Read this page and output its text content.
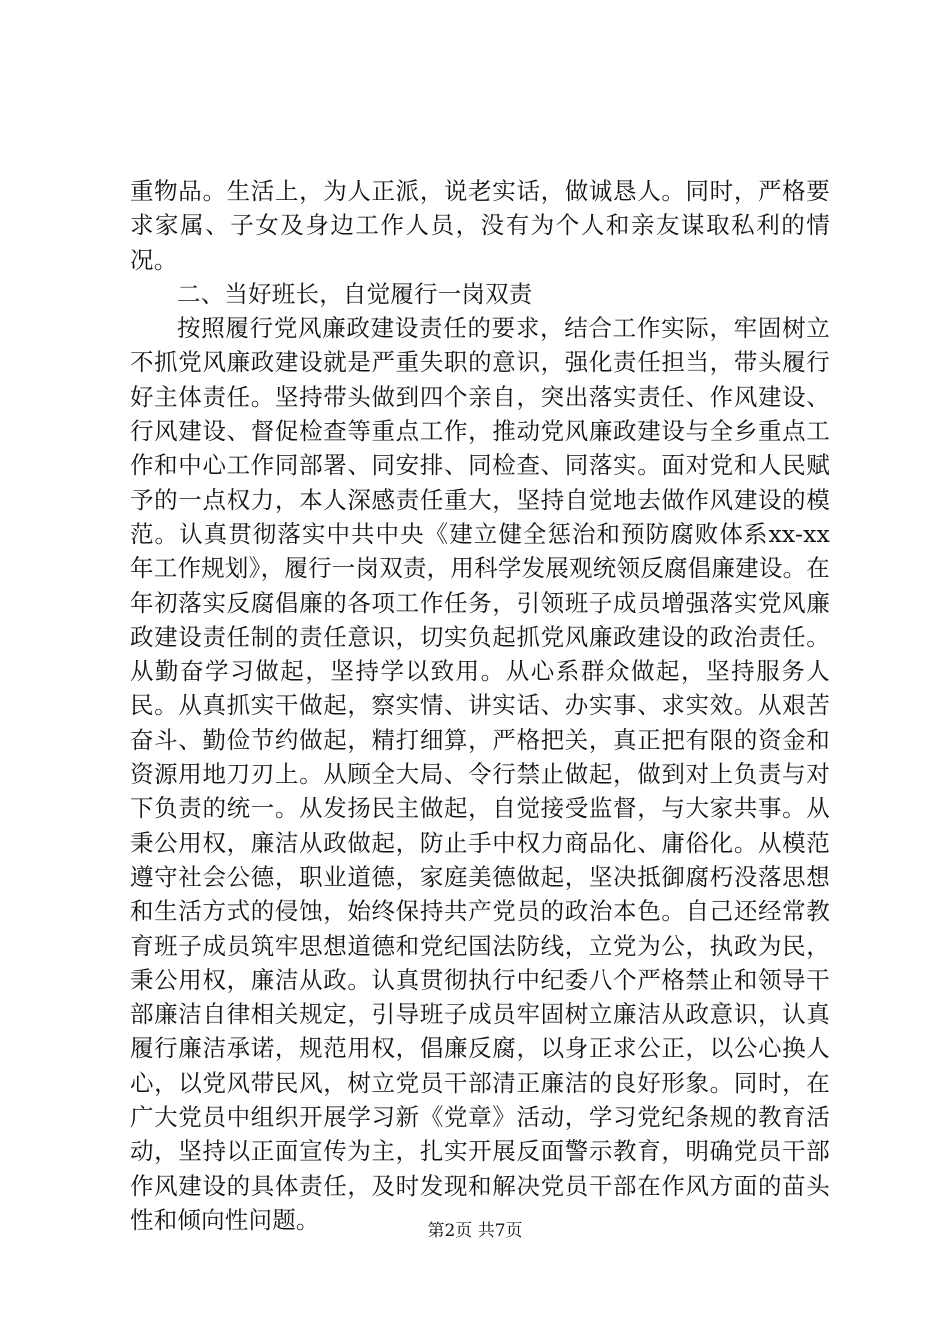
重物品。生活上，为人正派，说老实话，做诚恳人。同时，严格要求家属、子女及身边工作人员，没有为个人和亲友谋取私利的情况。

二、当好班长，自觉履行一岗双责

按照履行党风廉政建设责任的要求，结合工作实际，牢固树立不抓党风廉政建设就是严重失职的意识，强化责任担当，带头履行好主体责任。坚持带头做到四个亲自，突出落实责任、作风建设、行风建设、督促检查等重点工作，推动党风廉政建设与全乡重点工作和中心工作同部署、同安排、同检查、同落实。面对党和人民赋予的一点权力，本人深感责任重大，坚持自觉地去做作风建设的模范。认真贯彻落实中共中央《建立健全惩治和预防腐败体系xx-xx年工作规划》，履行一岗双责，用科学发展观统领反腐倡廉建设。在年初落实反腐倡廉的各项工作任务，引领班子成员增强落实党风廉政建设责任制的责任意识，切实负起抓党风廉政建设的政治责任。从勤奋学习做起，坚持学以致用。从心系群众做起，坚持服务人民。从真抓实干做起，察实情、讲实话、办实事、求实效。从艰苦奋斗、勤俭节约做起，精打细算，严格把关，真正把有限的资金和资源用地刀刃上。从顾全大局、令行禁止做起，做到对上负责与对下负责的统一。从发扬民主做起，自觉接受监督，与大家共事。从秉公用权，廉洁从政做起，防止手中权力商品化、庸俗化。从模范遵守社会公德，职业道德，家庭美德做起，坚决抵御腐朽没落思想和生活方式的侵蚀，始终保持共产党员的政治本色。自己还经常教育班子成员筑牢思想道德和党纪国法防线，立党为公，执政为民，秉公用权，廉洁从政。认真贯彻执行中纪委八个严格禁止和领导干部廉洁自律相关规定，引导班子成员牢固树立廉洁从政意识，认真履行廉洁承诺，规范用权，倡廉反腐，以身正求公正，以公心换人心，以党风带民风，树立党员干部清正廉洁的良好形象。同时，在广大党员中组织开展学习新《党章》活动，学习党纪条规的教育活动，坚持以正面宣传为主，扎实开展反面警示教育，明确党员干部作风建设的具体责任，及时发现和解决党员干部在作风方面的苗头性和倾向性问题。	第2页 共7页
